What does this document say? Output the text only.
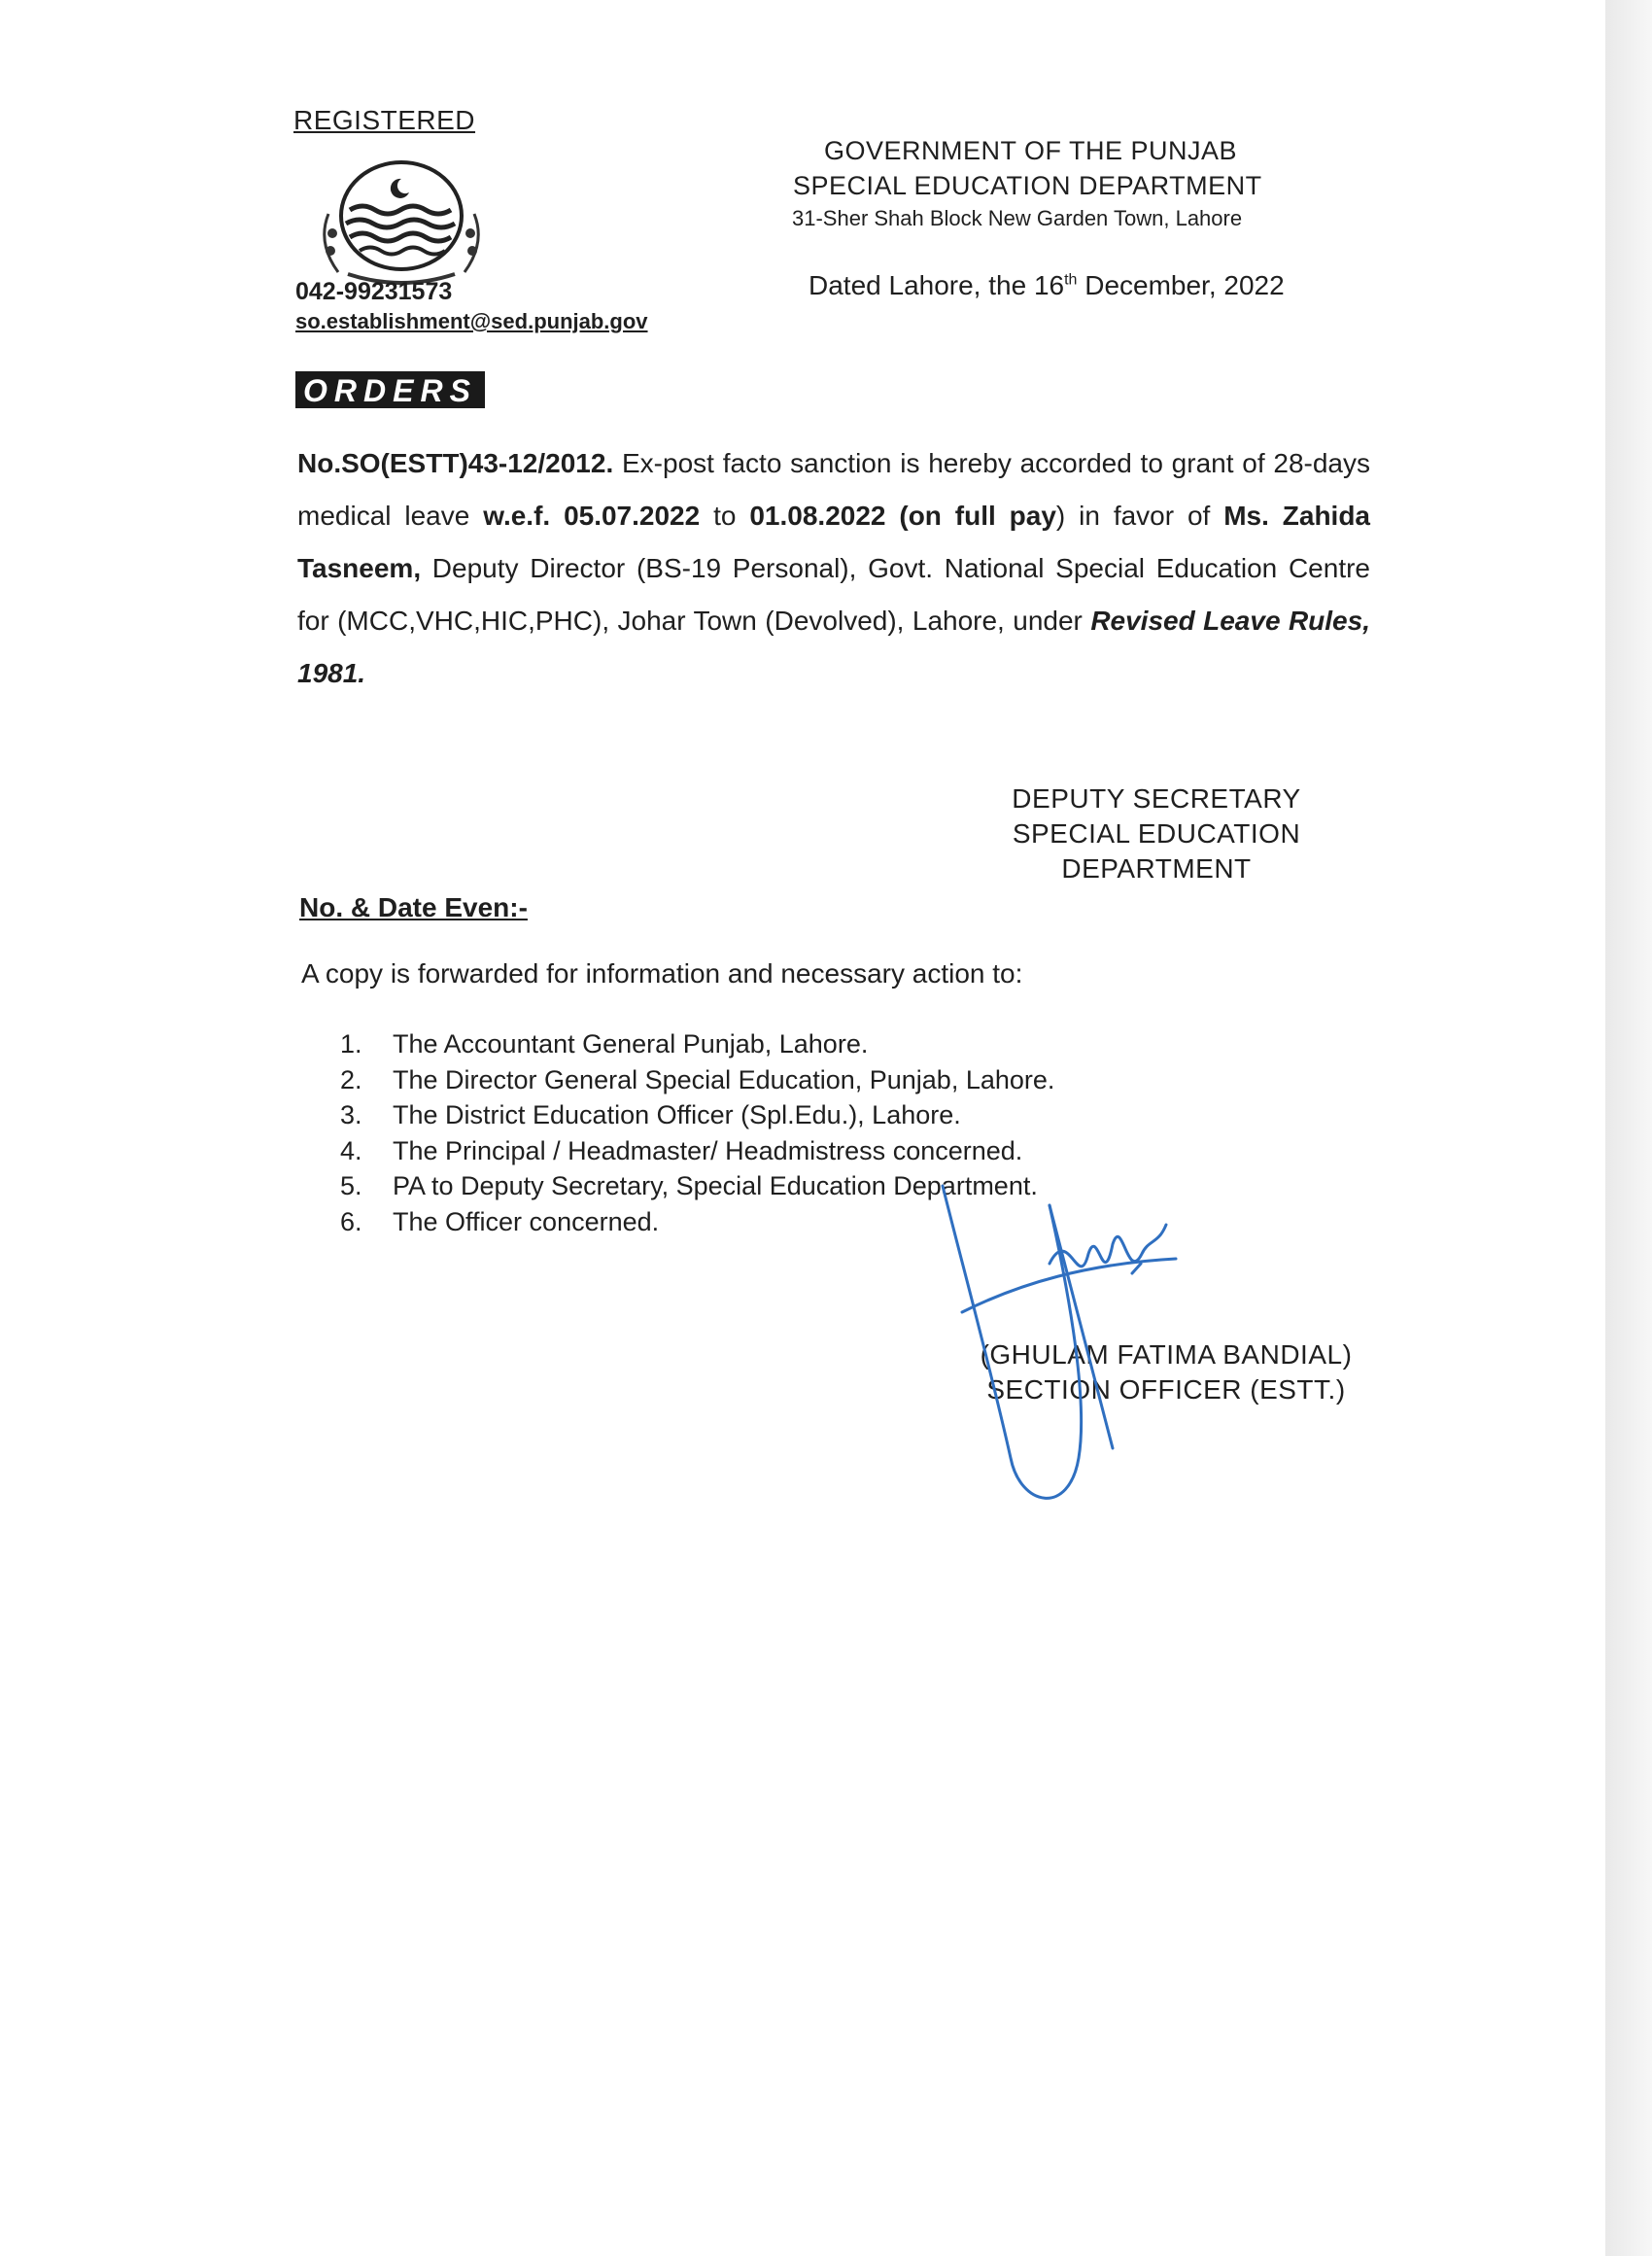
REGISTERED
042-99231573
so.establishment@sed.punjab.gov
GOVERNMENT OF THE PUNJAB
SPECIAL EDUCATION DEPARTMENT
31-Sher Shah Block New Garden Town, Lahore
Dated Lahore, the 16th December, 2022
ORDERS
No.SO(ESTT)43-12/2012. Ex-post facto sanction is hereby accorded to grant of 28-days medical leave w.e.f. 05.07.2022 to 01.08.2022 (on full pay) in favor of Ms. Zahida Tasneem, Deputy Director (BS-19 Personal), Govt. National Special Education Centre for (MCC,VHC,HIC,PHC), Johar Town (Devolved), Lahore, under Revised Leave Rules, 1981.
DEPUTY SECRETARY
SPECIAL EDUCATION
DEPARTMENT
No. & Date Even:-
A copy is forwarded for information and necessary action to:
1. The Accountant General Punjab, Lahore.
2. The Director General Special Education, Punjab, Lahore.
3. The District Education Officer (Spl.Edu.), Lahore.
4. The Principal / Headmaster/ Headmistress concerned.
5. PA to Deputy Secretary, Special Education Department.
6. The Officer concerned.
(GHULAM FATIMA BANDIAL)
SECTION OFFICER (ESTT.)
